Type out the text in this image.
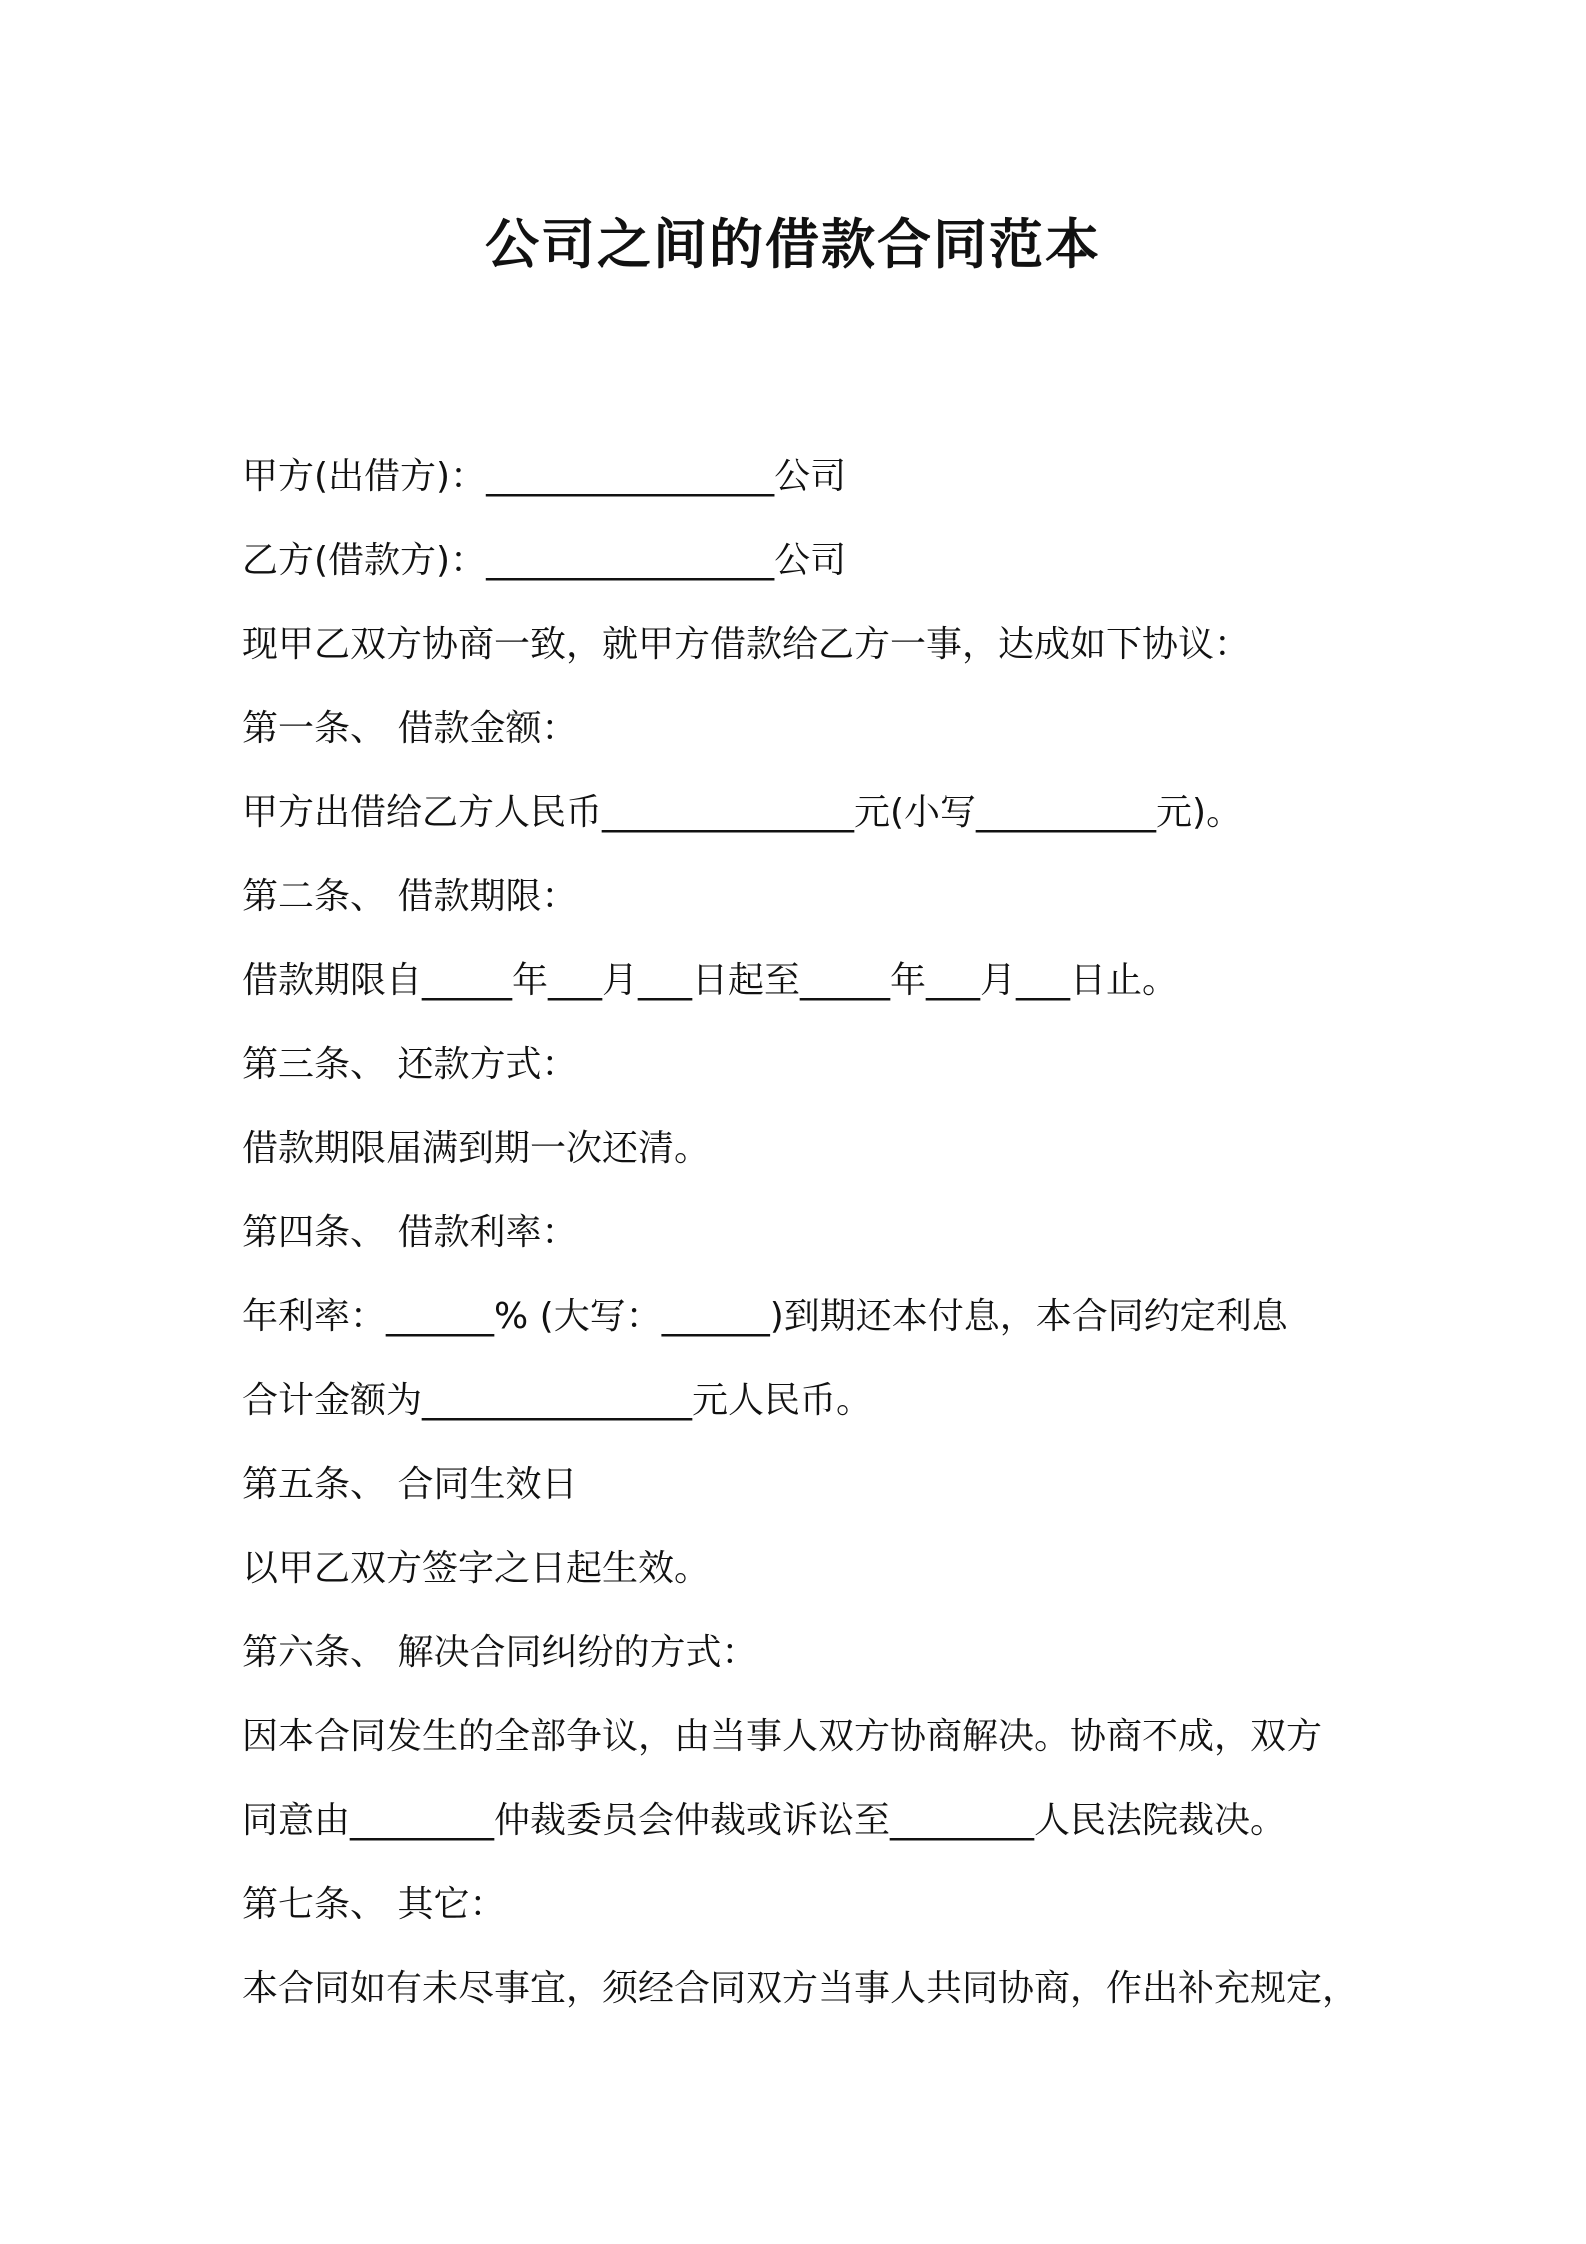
公司之间的借款合同范本
甲方(出借方)：________________公司
乙方(借款方)：________________公司
现甲乙双方协商一致，就甲方借款给乙方一事，达成如下协议：
第一条、 借款金额：
甲方出借给乙方人民币______________元(小写__________元)。
第二条、 借款期限：
借款期限自_____年___月___日起至_____年___月___日止。
第三条、 还款方式：
借款期限届满到期一次还清。
第四条、 借款利率：
年利率：______% (大写：______)到期还本付息，本合同约定利息
合计金额为_______________元人民币。
第五条、 合同生效日
以甲乙双方签字之日起生效。
第六条、 解决合同纠纷的方式：
因本合同发生的全部争议，由当事人双方协商解决。协商不成，双方
同意由________仲裁委员会仲裁或诉讼至________人民法院裁决。
第七条、 其它：
本合同如有未尽事宜，须经合同双方当事人共同协商，作出补充规定，
